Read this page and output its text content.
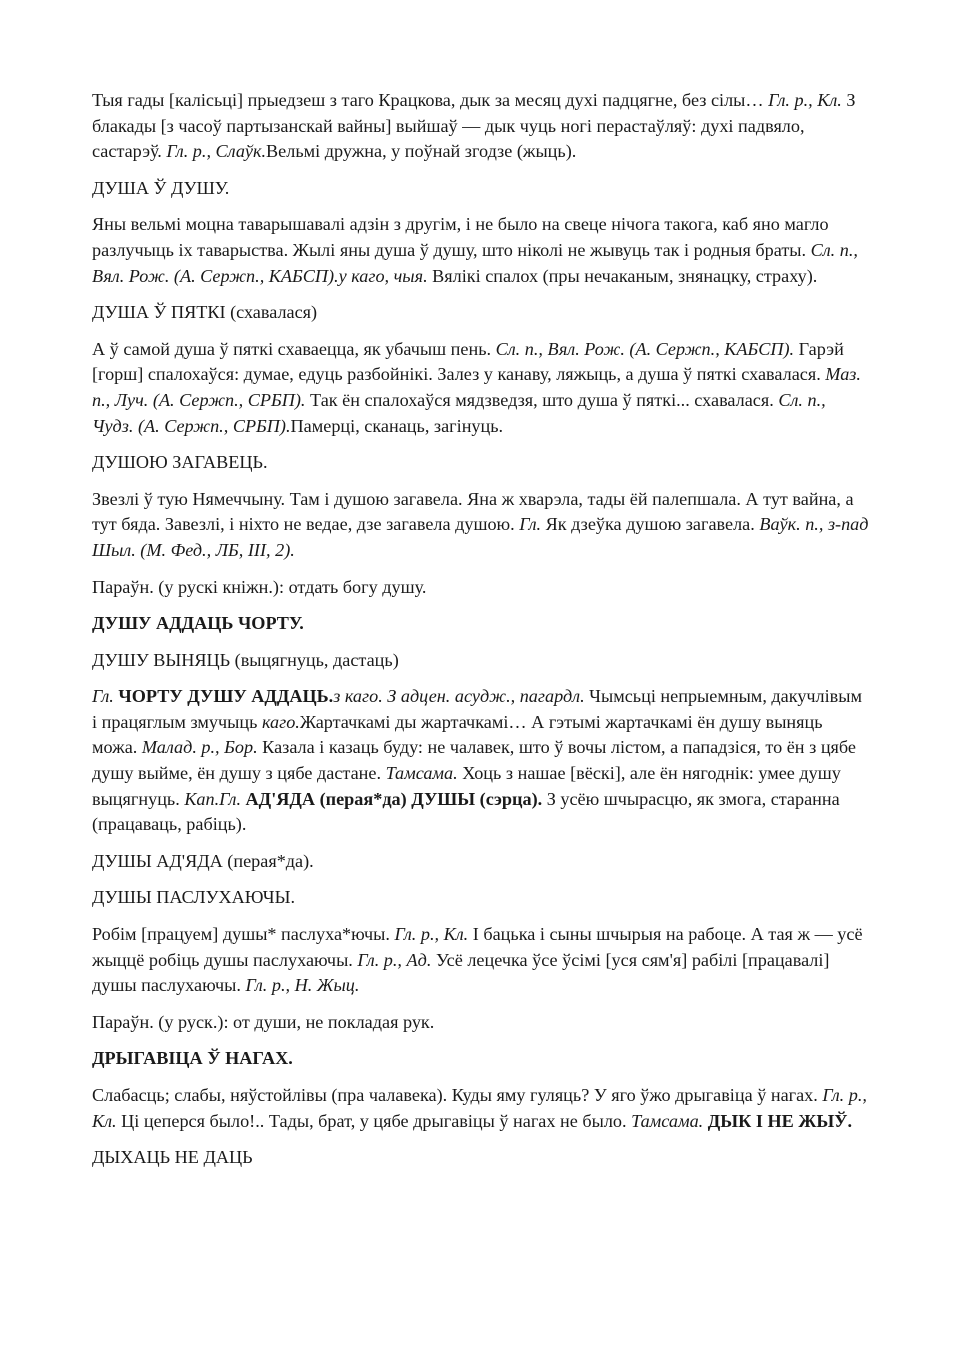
Тыя гады [каліcьці] прыедзеш з таго Крацкова, дык за месяц духі падцягне, без сілы… Гл. р., Кл. З блакады [з часоў партызанскай вайны] выйшаў — дык чуць ногі перастаўляў: духі падвяло, састарэў. Гл. р., Слаўк.Вельмі дружна, у поўнай згодзе (жыць).

ДУША Ў ДУШУ.

Яны вельмі моцна таварышавалі адзін з другім, і не было на свеце нічога такога, каб яно магло разлучыць іх таварыства. Жылі яны душа ў душу, што ніколі не жывуць так і родныя браты. Сл. п., Вял. Рож. (А. Сержп., КАБСП).у каго, чыя. Вялікі спалох (пры нечаканым, знянацку, страху).

ДУША Ў ПЯТКІ (схавалася)

А ў самой душа ў пяткі схаваецца, як убачыш пень. Сл. п., Вял. Рож. (А. Сержп., КАБСП). Гарэй [горш] спалохаўся: думае, едуць разбойнікі. Залез у канаву, ляжыць, а душа ў пяткі схавалася. Маз. п., Луч. (А. Сержп., СРБП). Так ён спалохаўся мядзведзя, што душа ў пяткі... схавалася. Сл. п., Чудз. (А. Сержп., СРБП).Памерці, сканаць, загінуць.

ДУШОЮ ЗАГАВЕЦЬ.

Звезлі ў тую Нямеччыну. Там і душою загавела. Яна ж хварэла, тады ёй палепшала. А тут вайна, а тут бяда. Завезлі, і ніхто не ведае, дзе загавела душою. Гл. Як дзеўка душою загавела. Ваўк. п., з-пад Шыл. (М. Фед., ЛБ, ІІІ, 2).

Параўн. (у рускі кніжн.): отдать богу душу.

ДУШУ АДДАЦЬ ЧОРТУ.

ДУШУ ВЫНЯЦЬ (выцягнуць, дастаць)

Гл. ЧОРТУ ДУШУ АДДАЦЬ.з каго. З адцен. асудж., пагардл. Чымсьці непрыемным, дакучлівым і працяглым змучыць каго.Жартачкамі ды жартачкамі… А гэтымі жартачкамі ён душу выняць можа. Малад. р., Бор. Казала і казаць буду: не чалавек, што ў вочы лістом, а пападзіся, то ён з цябе душу выйме, ён душу з цябе дастане. Тамсама. Хоць з нашае [вёскі], але ён нягоднік: умее душу выцягнуць. Кап.Гл. АД'ЯДА (перая*да) ДУШЫ (сэрца). З усёю шчырасцю, як змога, старанна (працаваць, рабіць).

ДУШЫ АД'ЯДА (перая*да).

ДУШЫ ПАСЛУХАЮЧЫ.

Робім [працуем] душы* паслуха*ючы. Гл. р., Кл. І бацька і сыны шчырыя на рабоце. А тая ж — усё жыццё робіць душы паслухаючы. Гл. р., Ад. Усё лецечка ўсе ўсімі [уся сям'я] рабілі [працавалі] душы паслухаючы. Гл. р., Н. Жыц.

Параўн. (у руск.): от души, не покладая рук.

ДРЫГАВІЦА Ў НАГАХ.

Слабасць; слабы, няўстойлівы (пра чалавека). Куды яму гуляць? У яго ўжо дрыгавіца ў нагах. Гл. р., Кл. Ці цеперся было!.. Тады, брат, у цябе дрыгавіцы ў нагах не было. Тамсама. ДЫК І НЕ ЖЫЎ.

ДЫХАЦЬ НЕ ДАЦЬ
